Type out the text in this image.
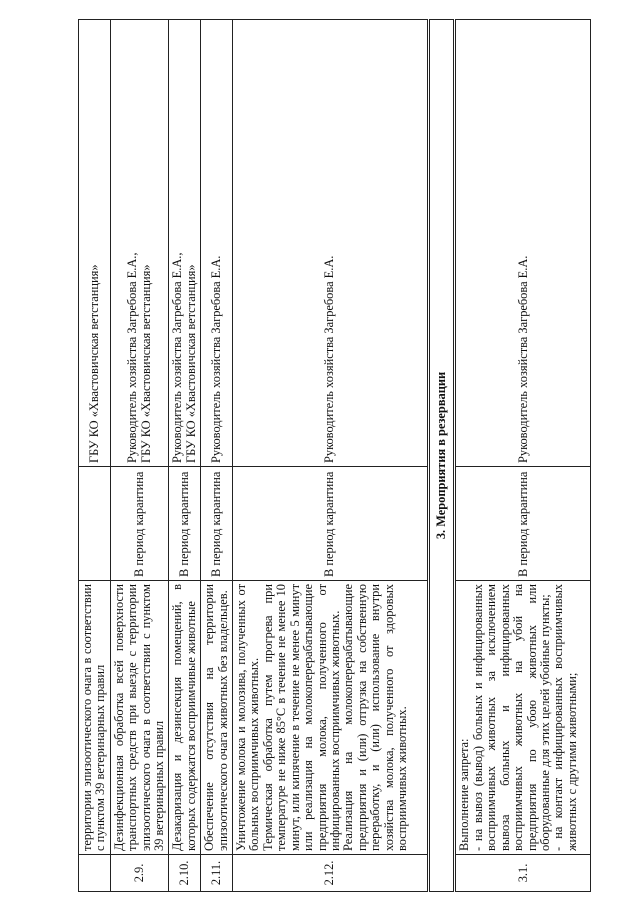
	территории эпизоотического очага в соответствии с пунктом 39 ветеринарных правил		ГБУ КО «Хвастовичская ветстанция»
2.9.	Дезинфекционная обработка всей поверхности транспортных средств при выезде с территории эпизоотического очага в соответствии с пунктом 39 ветеринарных правил	В период карантина	Руководитель хозяйства Загребова Е.А., ГБУ КО «Хвастовичская ветстанция»

2.10.	Дезакаризация и дезинсекция помещений, в которых содержатся восприимчивые животные	В период карантина	Руководитель хозяйства Загребова Е.А., ГБУ КО «Хвастовичская ветстанция»

2.11.	Обеспечение отсутствия на территории эпизоотического очага животных без владельцев.	В период карантина	Руководитель хозяйства Загребова Е.А.
2.12.	Уничтожение молока и молозива, полученных от больных восприимчивых животных. Термическая обработка путем прогрева при температуре не ниже 85°С в течение не менее 10 минут, или кипячение в течение не менее 5 минут или реализация на молокоперерабатывающие предприятия молока, полученного от инфицированных восприимчивых животных. Реализация на молокоперерабатывающие предприятия и (или) отгрузка на собственную переработку, и (или) использование внутри хозяйства молока, полученного от здоровых восприимчивых животных.	В период карантина	Руководитель хозяйства Загребова Е.А.
3. Мероприятия в резервации			
3.1.	Выполнение запрета: - на вывоз (вывод) больных и инфицированных восприимчивых животных за исключением вывоза больных и инфицированных восприимчивых животных на убой на предприятия по убою животных или оборудованные для этих целей убойные пункты; - на контакт инфицированных восприимчивых животных с другими животными;	В период карантина	Руководитель хозяйства Загребова Е.А.
